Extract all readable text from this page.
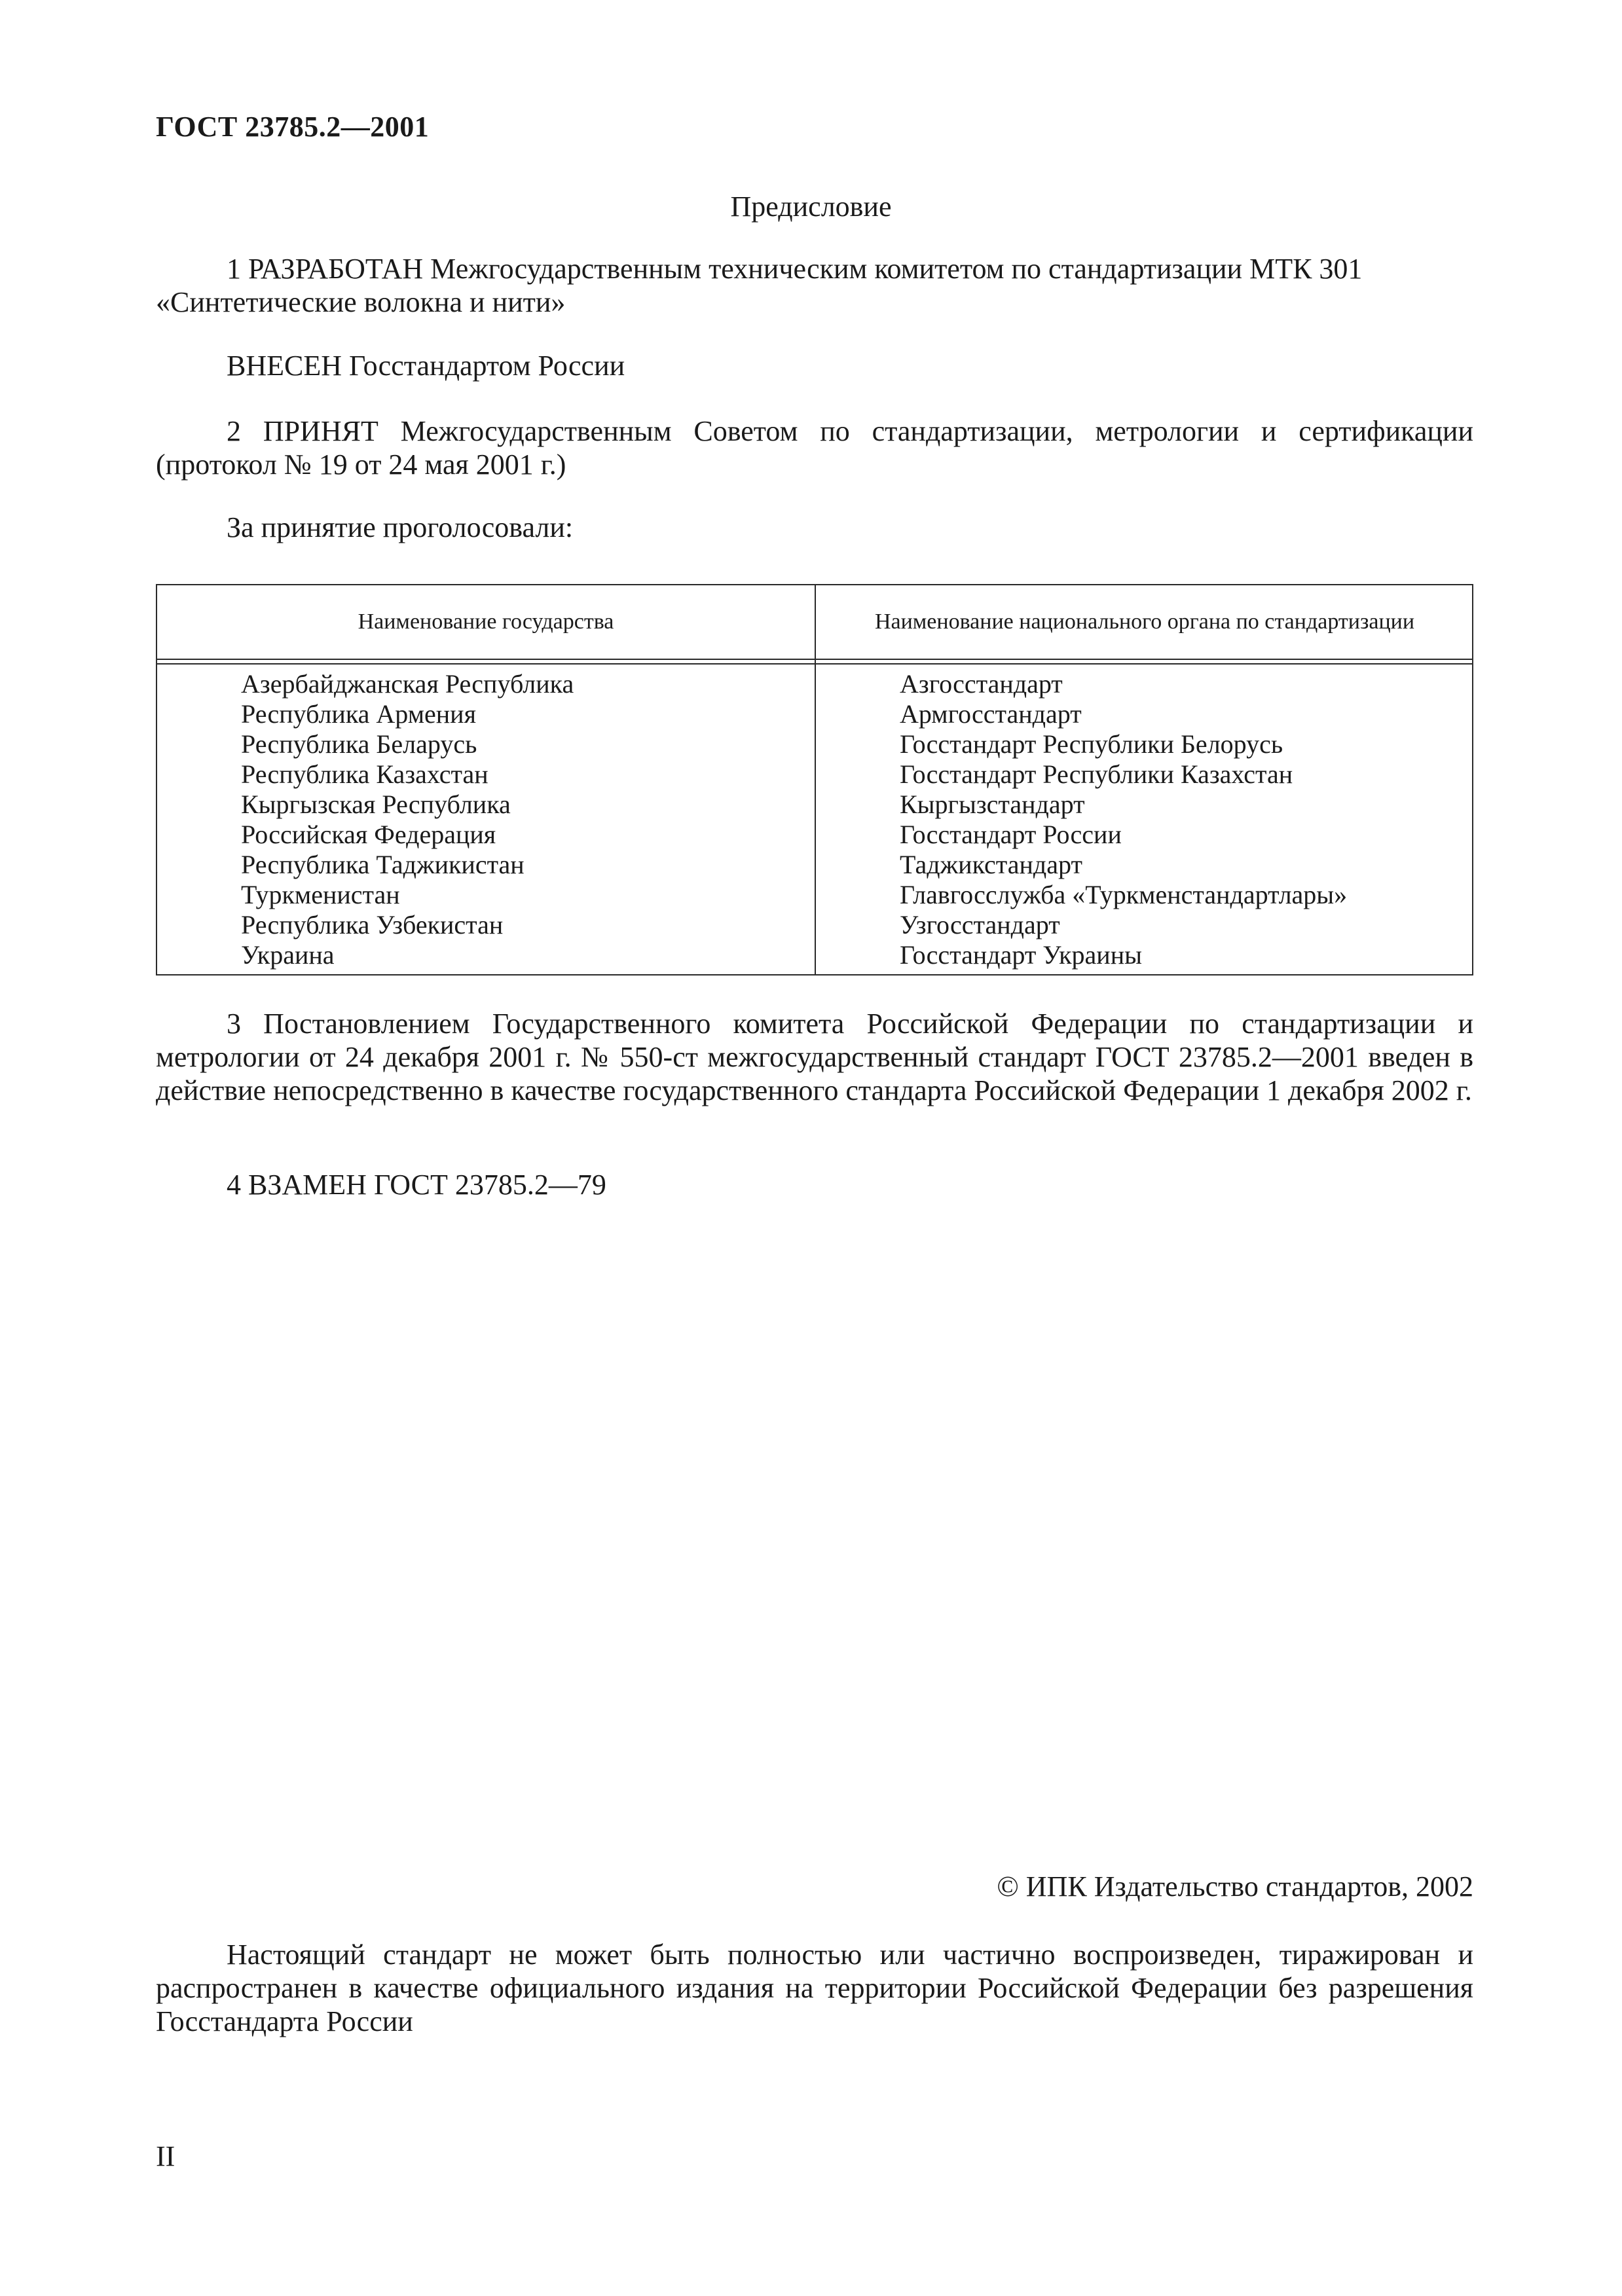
ГОСТ 23785.2—2001
Предисловие
1 РАЗРАБОТАН Межгосударственным техническим комитетом по стандартизации МТК 301
«Синтетические волокна и нити»
ВНЕСЕН Госстандартом России
2 ПРИНЯТ Межгосударственным Советом по стандартизации, метрологии и сертификации (протокол № 19 от 24 мая 2001 г.)
За принятие проголосовали:
Наименование государства	Наименование национального органа по стандартизации
Азербайджанская Республика
Республика Армения
Республика Беларусь
Республика Казахстан
Кыргызская Республика
Российская Федерация
Республика Таджикистан
Туркменистан
Республика Узбекистан
Украина
Азгосстандарт
Армгосстандарт
Госстандарт Республики Белорусь
Госстандарт Республики Казахстан
Кыргызстандарт
Госстандарт России
Таджикстандарт
Главгосслужба «Туркменстандартлары»
Узгосстандарт
Госстандарт Украины
3 Постановлением Государственного комитета Российской Федерации по стандартизации и метрологии от 24 декабря 2001 г. № 550-ст межгосударственный стандарт ГОСТ 23785.2—2001 введен в действие непосредственно в качестве государственного стандарта Российской Федерации 1 декабря 2002 г.
4 ВЗАМЕН ГОСТ 23785.2—79
© ИПК Издательство стандартов, 2002
Настоящий стандарт не может быть полностью или частично воспроизведен, тиражирован и распространен в качестве официального издания на территории Российской Федерации без разрешения Госстандарта России
II
